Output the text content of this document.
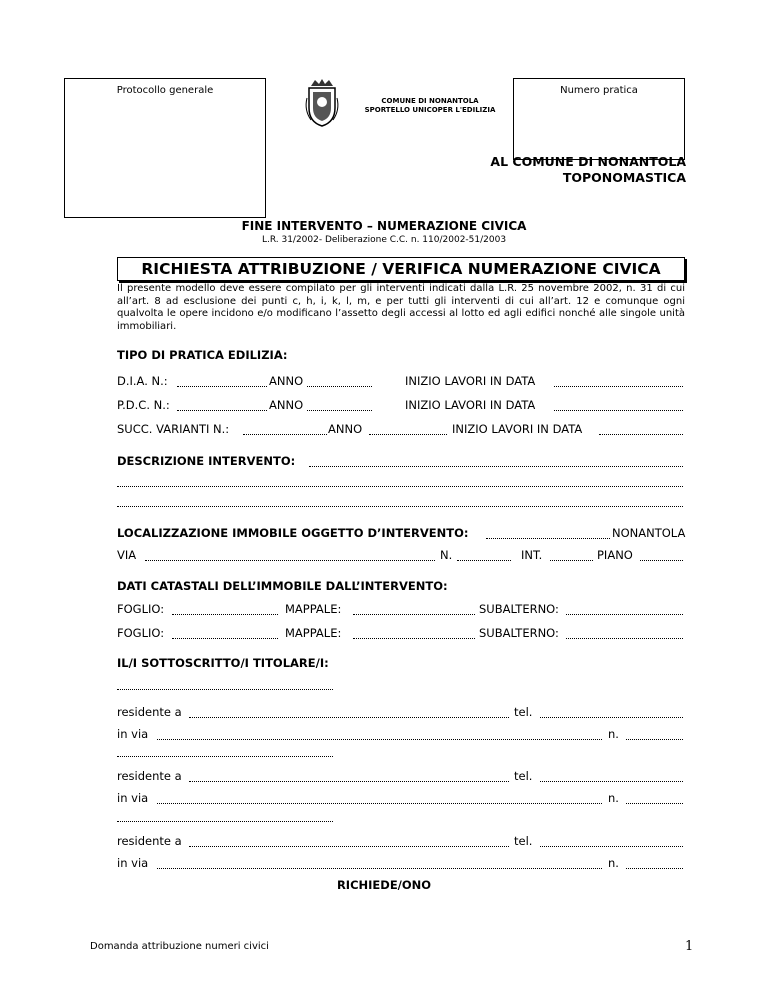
Protocollo generale	Numero pratica
COMUNE DI NONANTOLA
SPORTELLO UNICOPER L'EDILIZIA
AL COMUNE DI NONANTOLA
TOPONOMASTICA
FINE INTERVENTO – NUMERAZIONE CIVICA
L.R. 31/2002- Deliberazione C.C. n. 110/2002-51/2003
RICHIESTA ATTRIBUZIONE / VERIFICA NUMERAZIONE CIVICA
Il presente modello deve essere compilato per gli interventi indicati dalla L.R. 25 novembre 2002, n. 31 di cui all’art. 8 ad esclusione dei punti c, h, i, k, l, m, e per tutti gli interventi di cui all’art. 12 e comunque ogni qualvolta le opere incidono e/o modificano l’assetto degli accessi al lotto ed agli edifici nonché alle singole unità immobiliari.
TIPO DI PRATICA EDILIZIA:
D.I.A. N.:	ANNO	INIZIO LAVORI IN DATA
P.D.C. N.:	ANNO	INIZIO LAVORI IN DATA
SUCC. VARIANTI N.:	ANNO	INIZIO LAVORI IN DATA
DESCRIZIONE INTERVENTO:
LOCALIZZAZIONE IMMOBILE OGGETTO D’INTERVENTO:	NONANTOLA
VIA	N.	INT.	PIANO
DATI CATASTALI DELL’IMMOBILE DALL’INTERVENTO:
FOGLIO:	MAPPALE:	SUBALTERNO:
FOGLIO:	MAPPALE:	SUBALTERNO:
IL/I SOTTOSCRITTO/I TITOLARE/I:
residente a	tel.
in via	n.
residente a	tel.
in via	n.
residente a	tel.
in via	n.
RICHIEDE/ONO
Domanda attribuzione numeri civici	1
